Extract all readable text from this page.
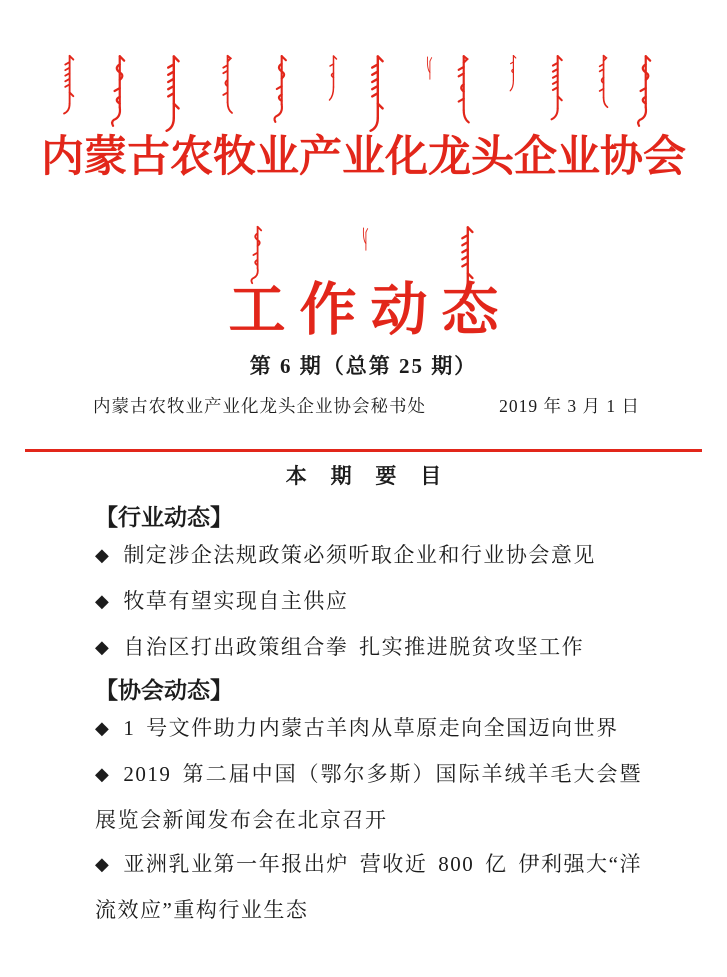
内蒙古农牧业产业化龙头企业协会
工作动态
第 6 期（总第 25 期）
内蒙古农牧业产业化龙头企业协会秘书处	2019 年 3 月 1 日
本 期 要 目
【行业动态】
◆ 制定涉企法规政策必须听取企业和行业协会意见
◆ 牧草有望实现自主供应
◆ 自治区打出政策组合拳 扎实推进脱贫攻坚工作
【协会动态】
◆ 1 号文件助力内蒙古羊肉从草原走向全国迈向世界
◆ 2019 第二届中国（鄂尔多斯）国际羊绒羊毛大会暨展览会新闻发布会在北京召开
◆ 亚洲乳业第一年报出炉 营收近 800 亿 伊利强大“洋流效应”重构行业生态
